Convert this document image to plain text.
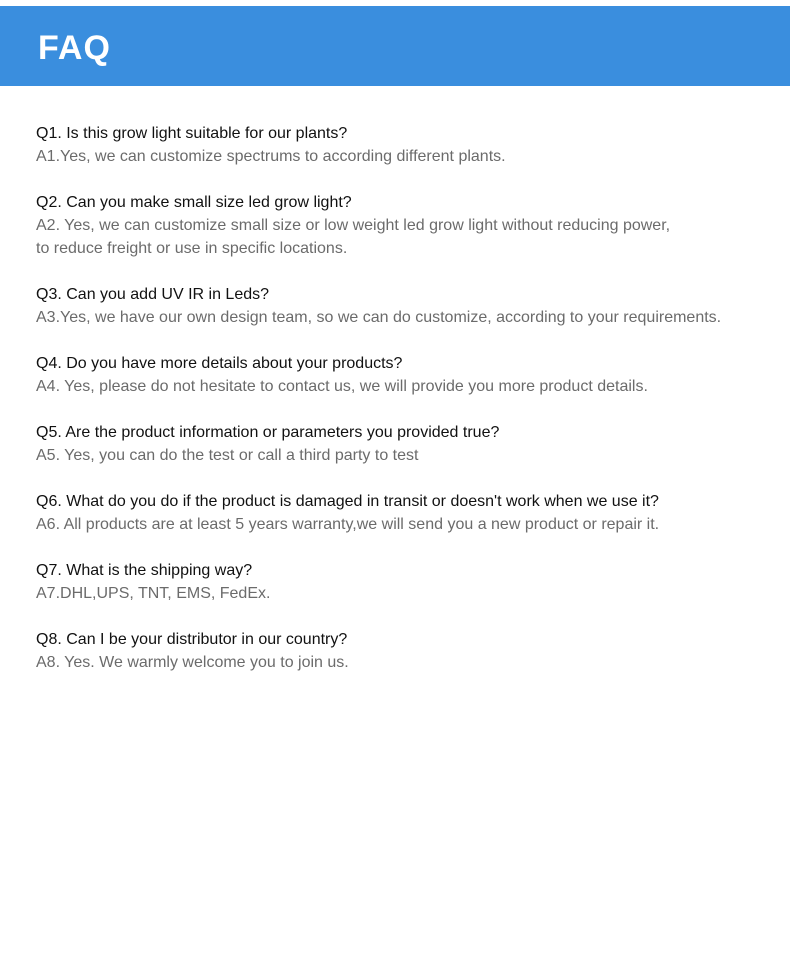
FAQ
Q1. Is this grow light suitable for our plants?
A1.Yes, we can customize spectrums to according different plants.
Q2. Can you make small size led grow light?
A2. Yes, we can customize small size or low weight led grow light without reducing power,
to reduce freight or use in specific locations.
Q3. Can you add UV IR in Leds?
A3.Yes, we have our own design team, so we can do customize, according to your requirements.
Q4. Do you have more details about your products?
A4. Yes, please do not hesitate to contact us, we will provide you more product details.
Q5. Are the product information or parameters you provided true?
A5. Yes, you can do the test or call a third party to test
Q6. What do you do if the product is damaged in transit or doesn't work when we use it?
A6. All products are at least 5 years warranty,we will send you a new product or repair it.
Q7. What is the shipping way?
A7.DHL,UPS, TNT, EMS, FedEx.
Q8. Can I be your distributor in our country?
A8. Yes. We warmly welcome you to join us.
